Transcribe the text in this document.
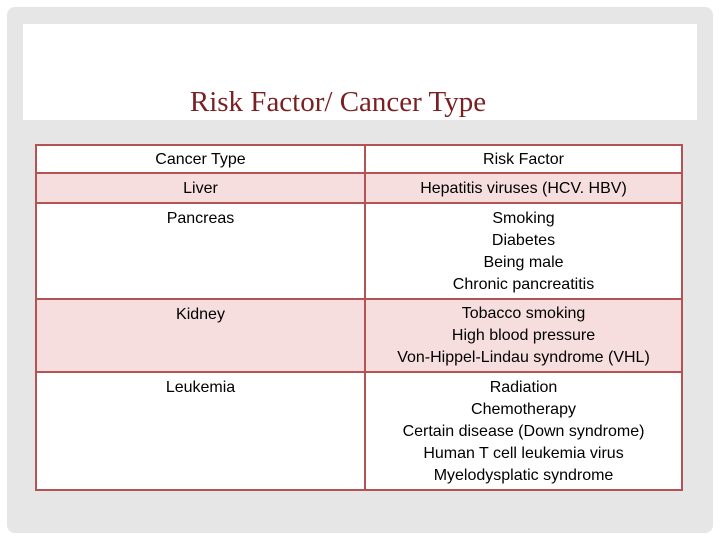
Risk Factor/ Cancer Type
Cancer Type	Risk Factor
Liver	Hepatitis viruses (HCV. HBV)

Pancreas	Smoking
Diabetes
Being male
Chronic pancreatitis

Kidney	Tobacco smoking
High blood pressure
Von-Hippel-Lindau syndrome (VHL)

Leukemia	Radiation
Chemotherapy
Certain disease (Down syndrome)
Human T cell leukemia virus
Myelodysplatic syndrome
